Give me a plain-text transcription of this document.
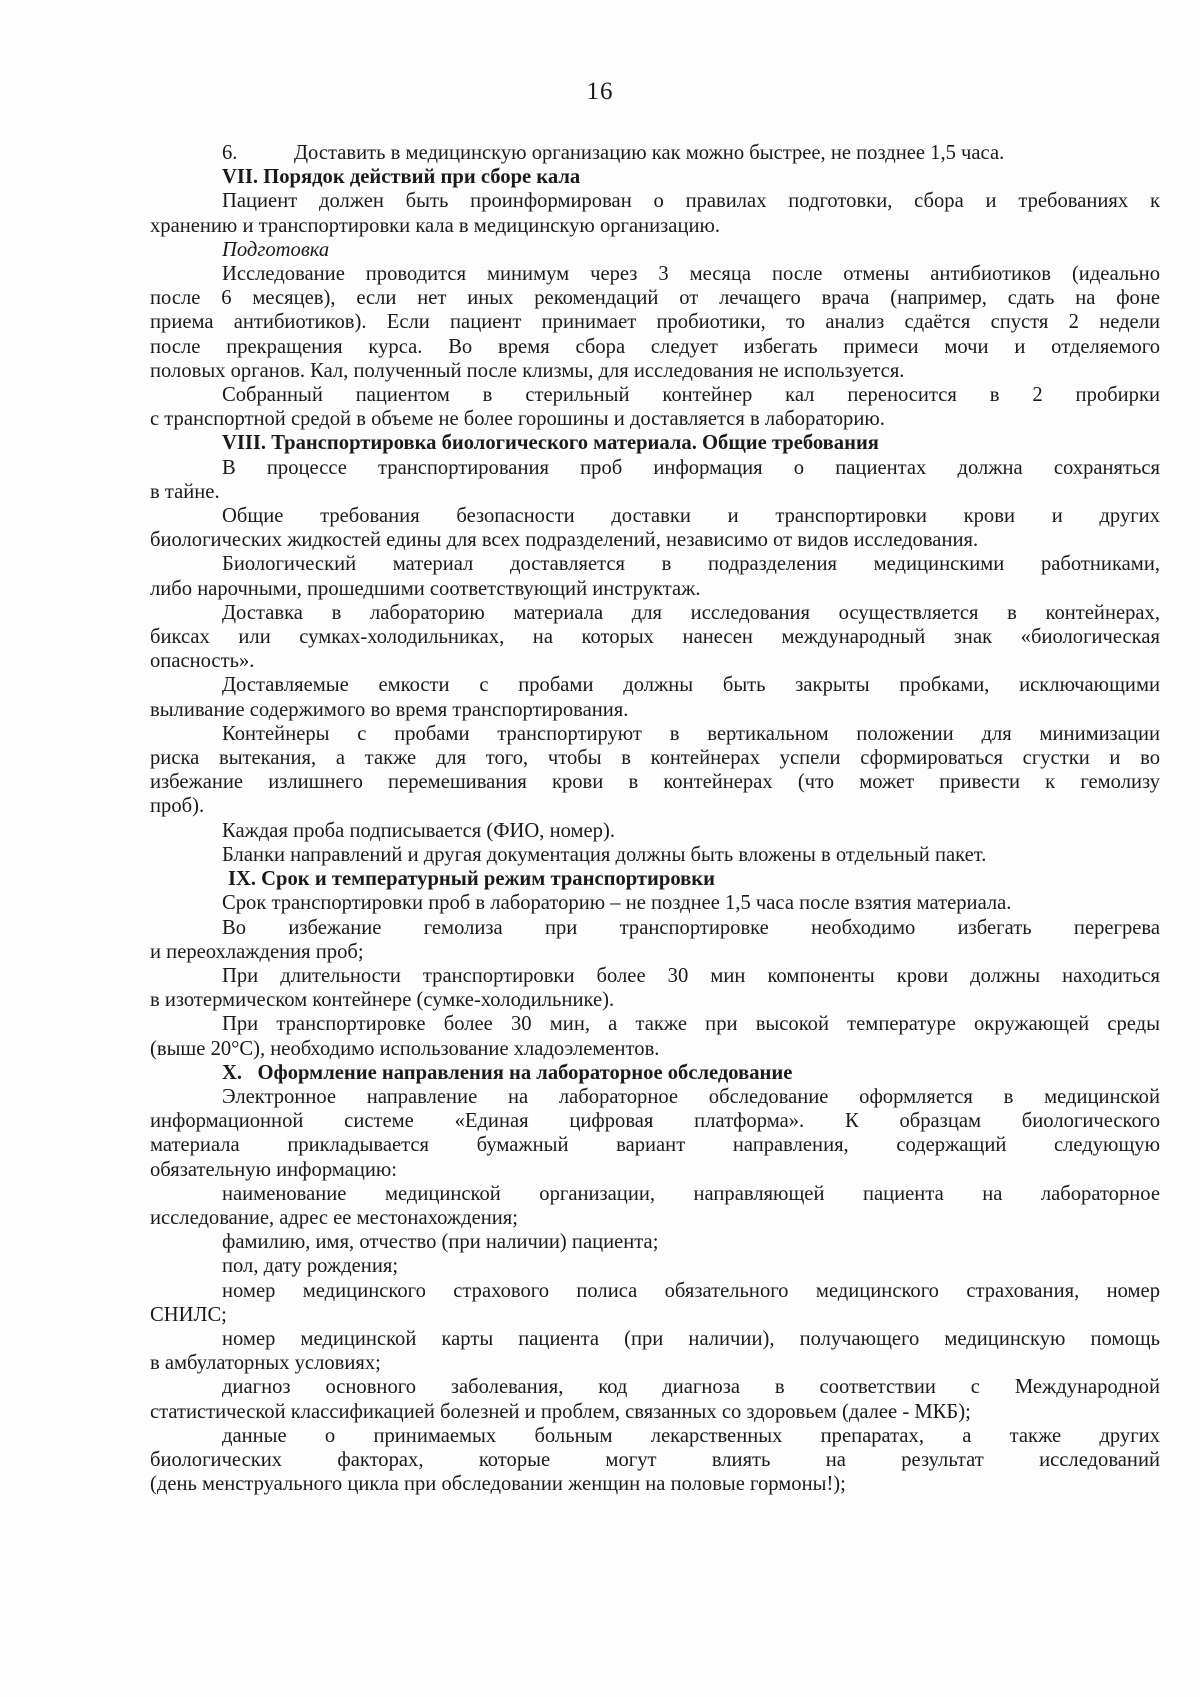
16

6.	Доставить в медицинскую организацию как можно быстрее, не позднее 1,5 часа.

VII. Порядок действий при сборе кала

Пациент должен быть проинформирован о правилах подготовки, сбора и требованиях к

хранению и транспортировки кала в медицинскую организацию.

Подготовка

Исследование проводится минимум через 3 месяца после отмены антибиотиков (идеально

после 6 месяцев), если нет иных рекомендаций от лечащего врача (например, сдать на фоне

приема антибиотиков). Если пациент принимает пробиотики, то анализ сдаётся спустя 2 недели

после прекращения курса. Во время сбора следует избегать примеси мочи и отделяемого

половых органов. Кал, полученный после клизмы, для исследования не используется.

Собранный пациентом в стерильный контейнер кал переносится в 2 пробирки

с транспортной средой в объеме не более горошины и доставляется в лабораторию.

VIII. Транспортировка биологического материала. Общие требования

В процессе транспортирования проб информация о пациентах должна сохраняться

в тайне.

Общие требования безопасности доставки и транспортировки крови и других

биологических жидкостей едины для всех подразделений, независимо от видов исследования.

Биологический материал доставляется в подразделения медицинскими работниками,

либо нарочными, прошедшими соответствующий инструктаж.

Доставка в лабораторию материала для исследования осуществляется в контейнерах,

биксах или сумках-холодильниках, на которых нанесен международный знак «биологическая

опасность».

Доставляемые емкости с пробами должны быть закрыты пробками, исключающими

выливание содержимого во время транспортирования.

Контейнеры с пробами транспортируют в вертикальном положении для минимизации

риска вытекания, а также для того, чтобы в контейнерах успели сформироваться сгустки и во

избежание излишнего перемешивания крови в контейнерах (что может привести к гемолизу

проб).

Каждая проба подписывается (ФИО, номер).

Бланки направлений и другая документация должны быть вложены в отдельный пакет.

IX. Срок и температурный режим транспортировки

Срок транспортировки проб в лабораторию – не позднее 1,5 часа после взятия материала.

Во избежание гемолиза при транспортировке необходимо избегать перегрева

и переохлаждения проб;

При длительности транспортировки более 30 мин компоненты крови должны находиться

в изотермическом контейнере (сумке-холодильнике).

При транспортировке более 30 мин, а также при высокой температуре окружающей среды

(выше 20°С), необходимо использование хладоэлементов.

X.   Оформление направления на лабораторное обследование

Электронное направление на лабораторное обследование оформляется в медицинской

информационной системе «Единая цифровая платформа». К образцам биологического

материала прикладывается бумажный вариант направления, содержащий следующую

обязательную информацию:

наименование медицинской организации, направляющей пациента на лабораторное

исследование, адрес ее местонахождения;

фамилию, имя, отчество (при наличии) пациента;

пол, дату рождения;

номер медицинского страхового полиса обязательного медицинского страхования, номер

СНИЛС;

номер медицинской карты пациента (при наличии), получающего медицинскую помощь

в амбулаторных условиях;

диагноз основного заболевания, код диагноза в соответствии с Международной

статистической классификацией болезней и проблем, связанных со здоровьем (далее - МКБ);

данные о принимаемых больным лекарственных препаратах, а также других

биологических факторах, которые могут влиять на результат исследований

(день менструального цикла при обследовании женщин на половые гормоны!);
